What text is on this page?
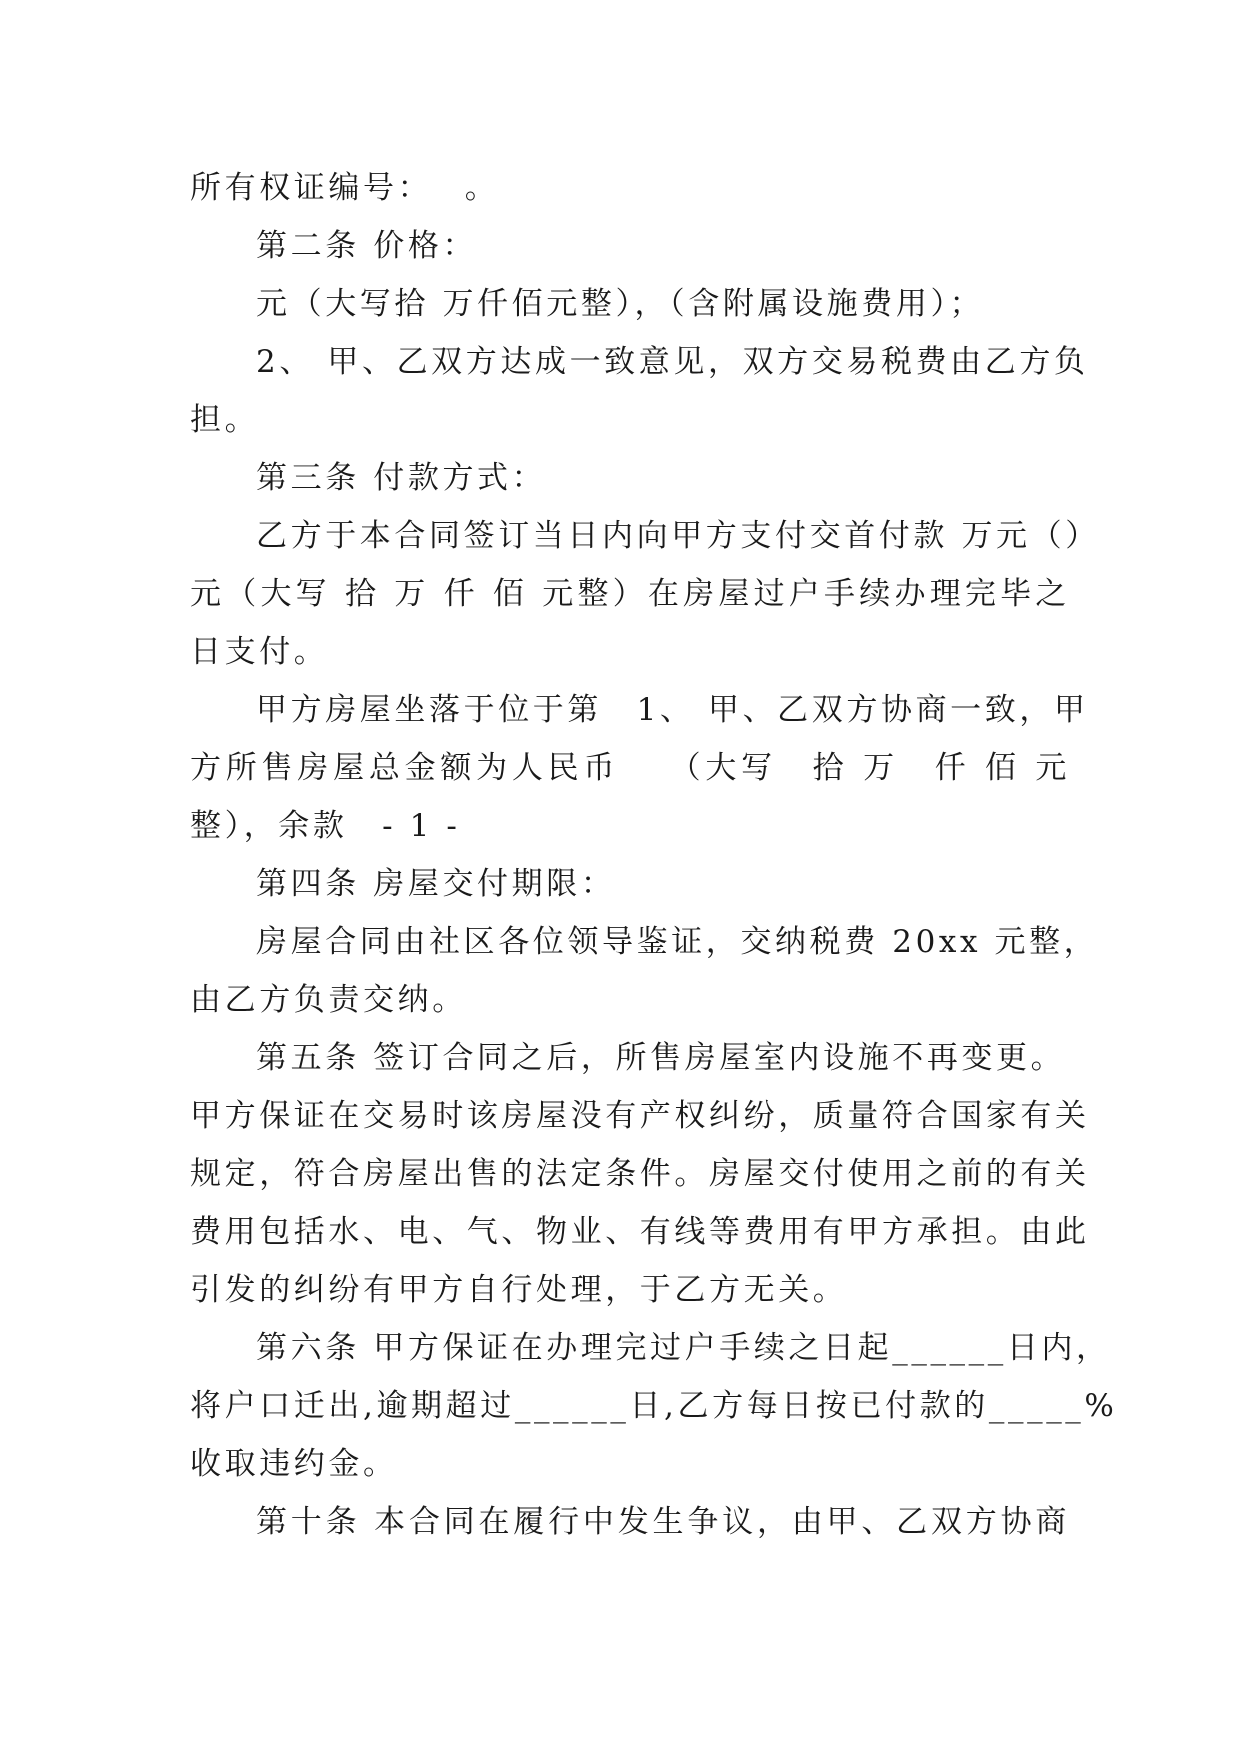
所有权证编号：　 。
第二条 价格：
元（大写拾 万仟佰元整），（含附属设施费用）；
2、 甲、乙双方达成一致意见，双方交易税费由乙方负
担。
第三条 付款方式：
乙方于本合同签订当日内向甲方支付交首付款 万元（）
元（大写 拾 万 仟 佰 元整）在房屋过户手续办理完毕之
日支付。
甲方房屋坐落于位于第　1、 甲、乙双方协商一致，甲
方所售房屋总金额为人民币　 （大写　拾 万　仟 佰 元
整），余款　- 1 -
第四条 房屋交付期限：
房屋合同由社区各位领导鉴证，交纳税费 20xx 元整，
由乙方负责交纳。
第五条 签订合同之后，所售房屋室内设施不再变更。
甲方保证在交易时该房屋没有产权纠纷，质量符合国家有关
规定，符合房屋出售的法定条件。房屋交付使用之前的有关
费用包括水、电、气、物业、有线等费用有甲方承担。由此
引发的纠纷有甲方自行处理，于乙方无关。
第六条 甲方保证在办理完过户手续之日起______日内，
将户口迁出,逾期超过______日,乙方每日按已付款的_____%
收取违约金。
第十条 本合同在履行中发生争议，由甲、乙双方协商
